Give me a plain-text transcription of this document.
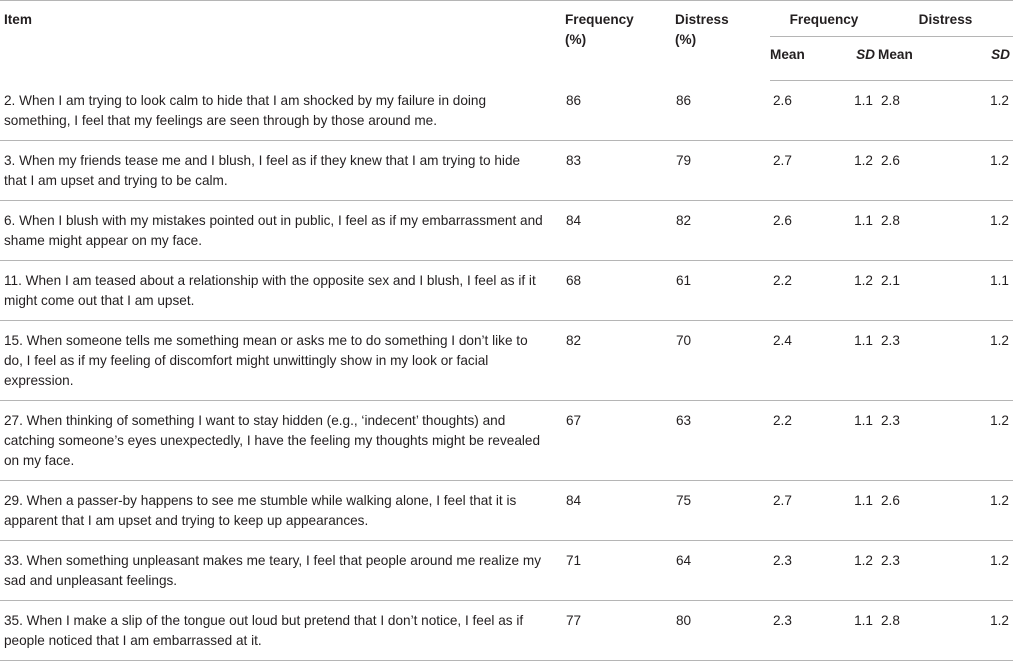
Item	Frequency (%)	Distress (%)	Frequency		Distress	

			Mean	SD	Mean	SD
2. When I am trying to look calm to hide that I am shocked by my failure in doing something, I feel that my feelings are seen through by those around me.	86	86	2.6	1.1	2.8	1.2
3. When my friends tease me and I blush, I feel as if they knew that I am trying to hide that I am upset and trying to be calm.	83	79	2.7	1.2	2.6	1.2
6. When I blush with my mistakes pointed out in public, I feel as if my embarrassment and shame might appear on my face.	84	82	2.6	1.1	2.8	1.2
11. When I am teased about a relationship with the opposite sex and I blush, I feel as if it might come out that I am upset.	68	61	2.2	1.2	2.1	1.1
15. When someone tells me something mean or asks me to do something I don’t like to do, I feel as if my feeling of discomfort might unwittingly show in my look or facial expression.	82	70	2.4	1.1	2.3	1.2
27. When thinking of something I want to stay hidden (e.g., ‘indecent’ thoughts) and catching someone’s eyes unexpectedly, I have the feeling my thoughts might be revealed on my face.	67	63	2.2	1.1	2.3	1.2
29. When a passer-by happens to see me stumble while walking alone, I feel that it is apparent that I am upset and trying to keep up appearances.	84	75	2.7	1.1	2.6	1.2
33. When something unpleasant makes me teary, I feel that people around me realize my sad and unpleasant feelings.	71	64	2.3	1.2	2.3	1.2
35. When I make a slip of the tongue out loud but pretend that I don’t notice, I feel as if people noticed that I am embarrassed at it.	77	80	2.3	1.1	2.8	1.2
